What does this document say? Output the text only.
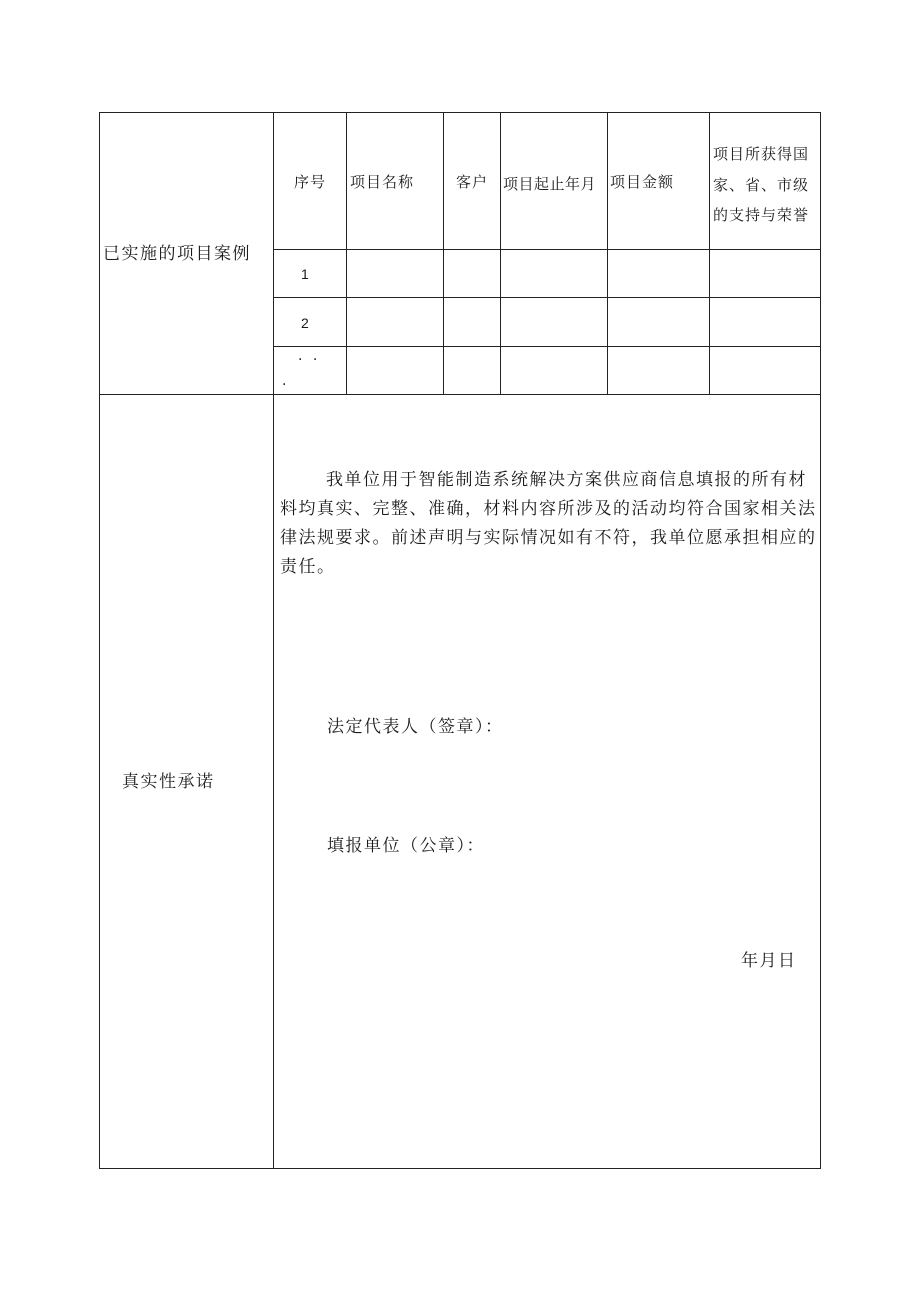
已实施的项目案例
序号 项目名称	客户 项目起止年月 项目金额
项目所获得国
家、省、市级
的支持与荣誉
1
2
· ·
·
真实性承诺
我单位用于智能制造系统解决方案供应商信息填报的所有材料均真实、完整、准确，材料内容所涉及的活动均符合国家相关法律法规要求。前述声明与实际情况如有不符，我单位愿承担相应的责任。
法定代表人（签章）：
填报单位（公章）：
年月日
